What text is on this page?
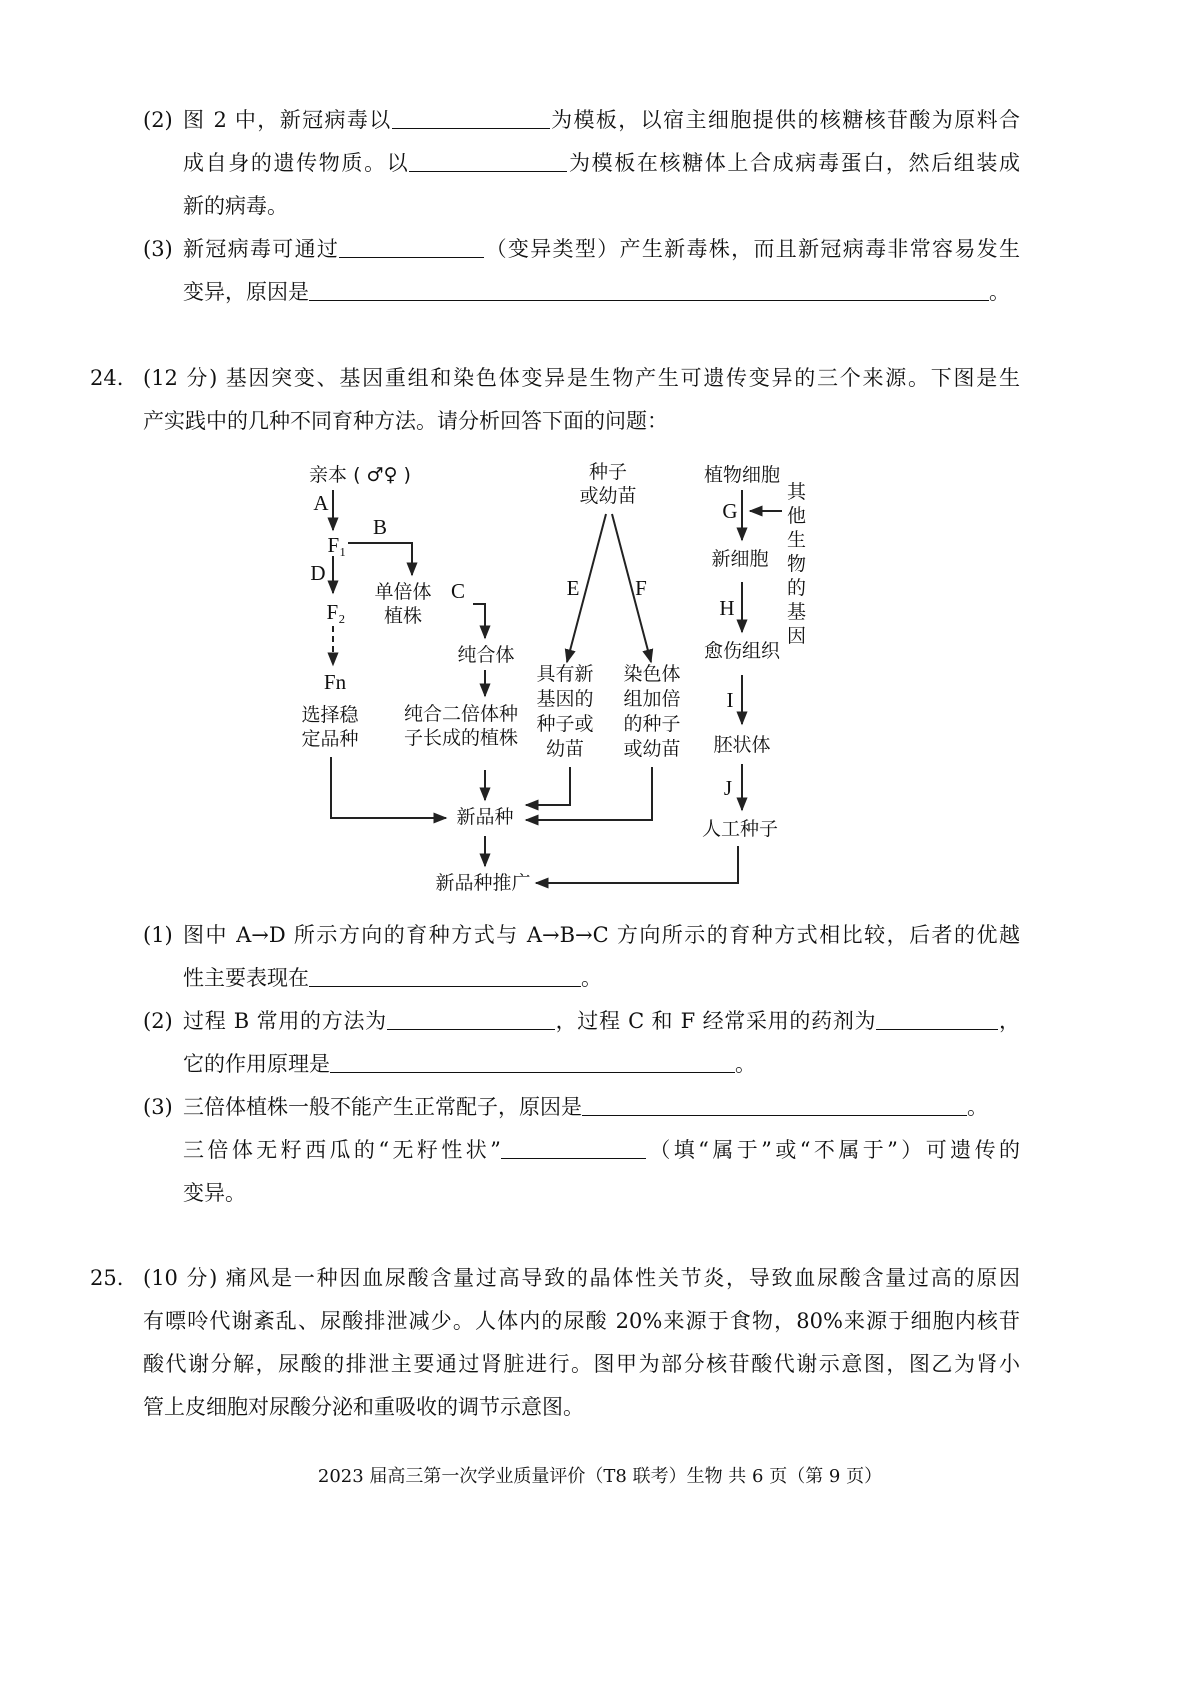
(2) 图 2 中，新冠病毒以	为模板，以宿主细胞提供的核糖核苷酸为原料合
成自身的遗传物质。以	为模板在核糖体上合成病毒蛋白，然后组装成
新的病毒。
(3) 新冠病毒可通过	（变异类型）产生新毒株，而且新冠病毒非常容易发生
变异，原因是	。
24. (12 分) 基因突变、基因重组和染色体变异是生物产生可遗传变异的三个来源。下图是生
产实践中的几种不同育种方法。请分析回答下面的问题：
亲本 ( ♂♀ )
A
F₁
B
D
F₂
Fn
选择稳
定品种
单倍体
植株
C
纯合体
纯合二倍体种
子长成的植株
新品种
新品种推广
种子
或幼苗
E	F
具有新
基因的
种子或
幼苗
染色体
组加倍
的种子
或幼苗
植物细胞
G
其他生物的基因
新细胞
H
愈伤组织
I
胚状体
J
人工种子
(1) 图中 A→D 所示方向的育种方式与 A→B→C 方向所示的育种方式相比较，后者的优越
性主要表现在	。
(2) 过程 B 常用的方法为	，过程 C 和 F 经常采用的药剂为	，
它的作用原理是	。
(3) 三倍体植株一般不能产生正常配子，原因是	。
三倍体无籽西瓜的“无籽性状”	（填“属于”或“不属于”）可遗传的
变异。
25. (10 分) 痛风是一种因血尿酸含量过高导致的晶体性关节炎，导致血尿酸含量过高的原因
有嘌呤代谢紊乱、尿酸排泄减少。人体内的尿酸 20%来源于食物，80%来源于细胞内核苷
酸代谢分解，尿酸的排泄主要通过肾脏进行。图甲为部分核苷酸代谢示意图，图乙为肾小
管上皮细胞对尿酸分泌和重吸收的调节示意图。
2023 届高三第一次学业质量评价（T8 联考）生物 共 6 页（第 9 页）
